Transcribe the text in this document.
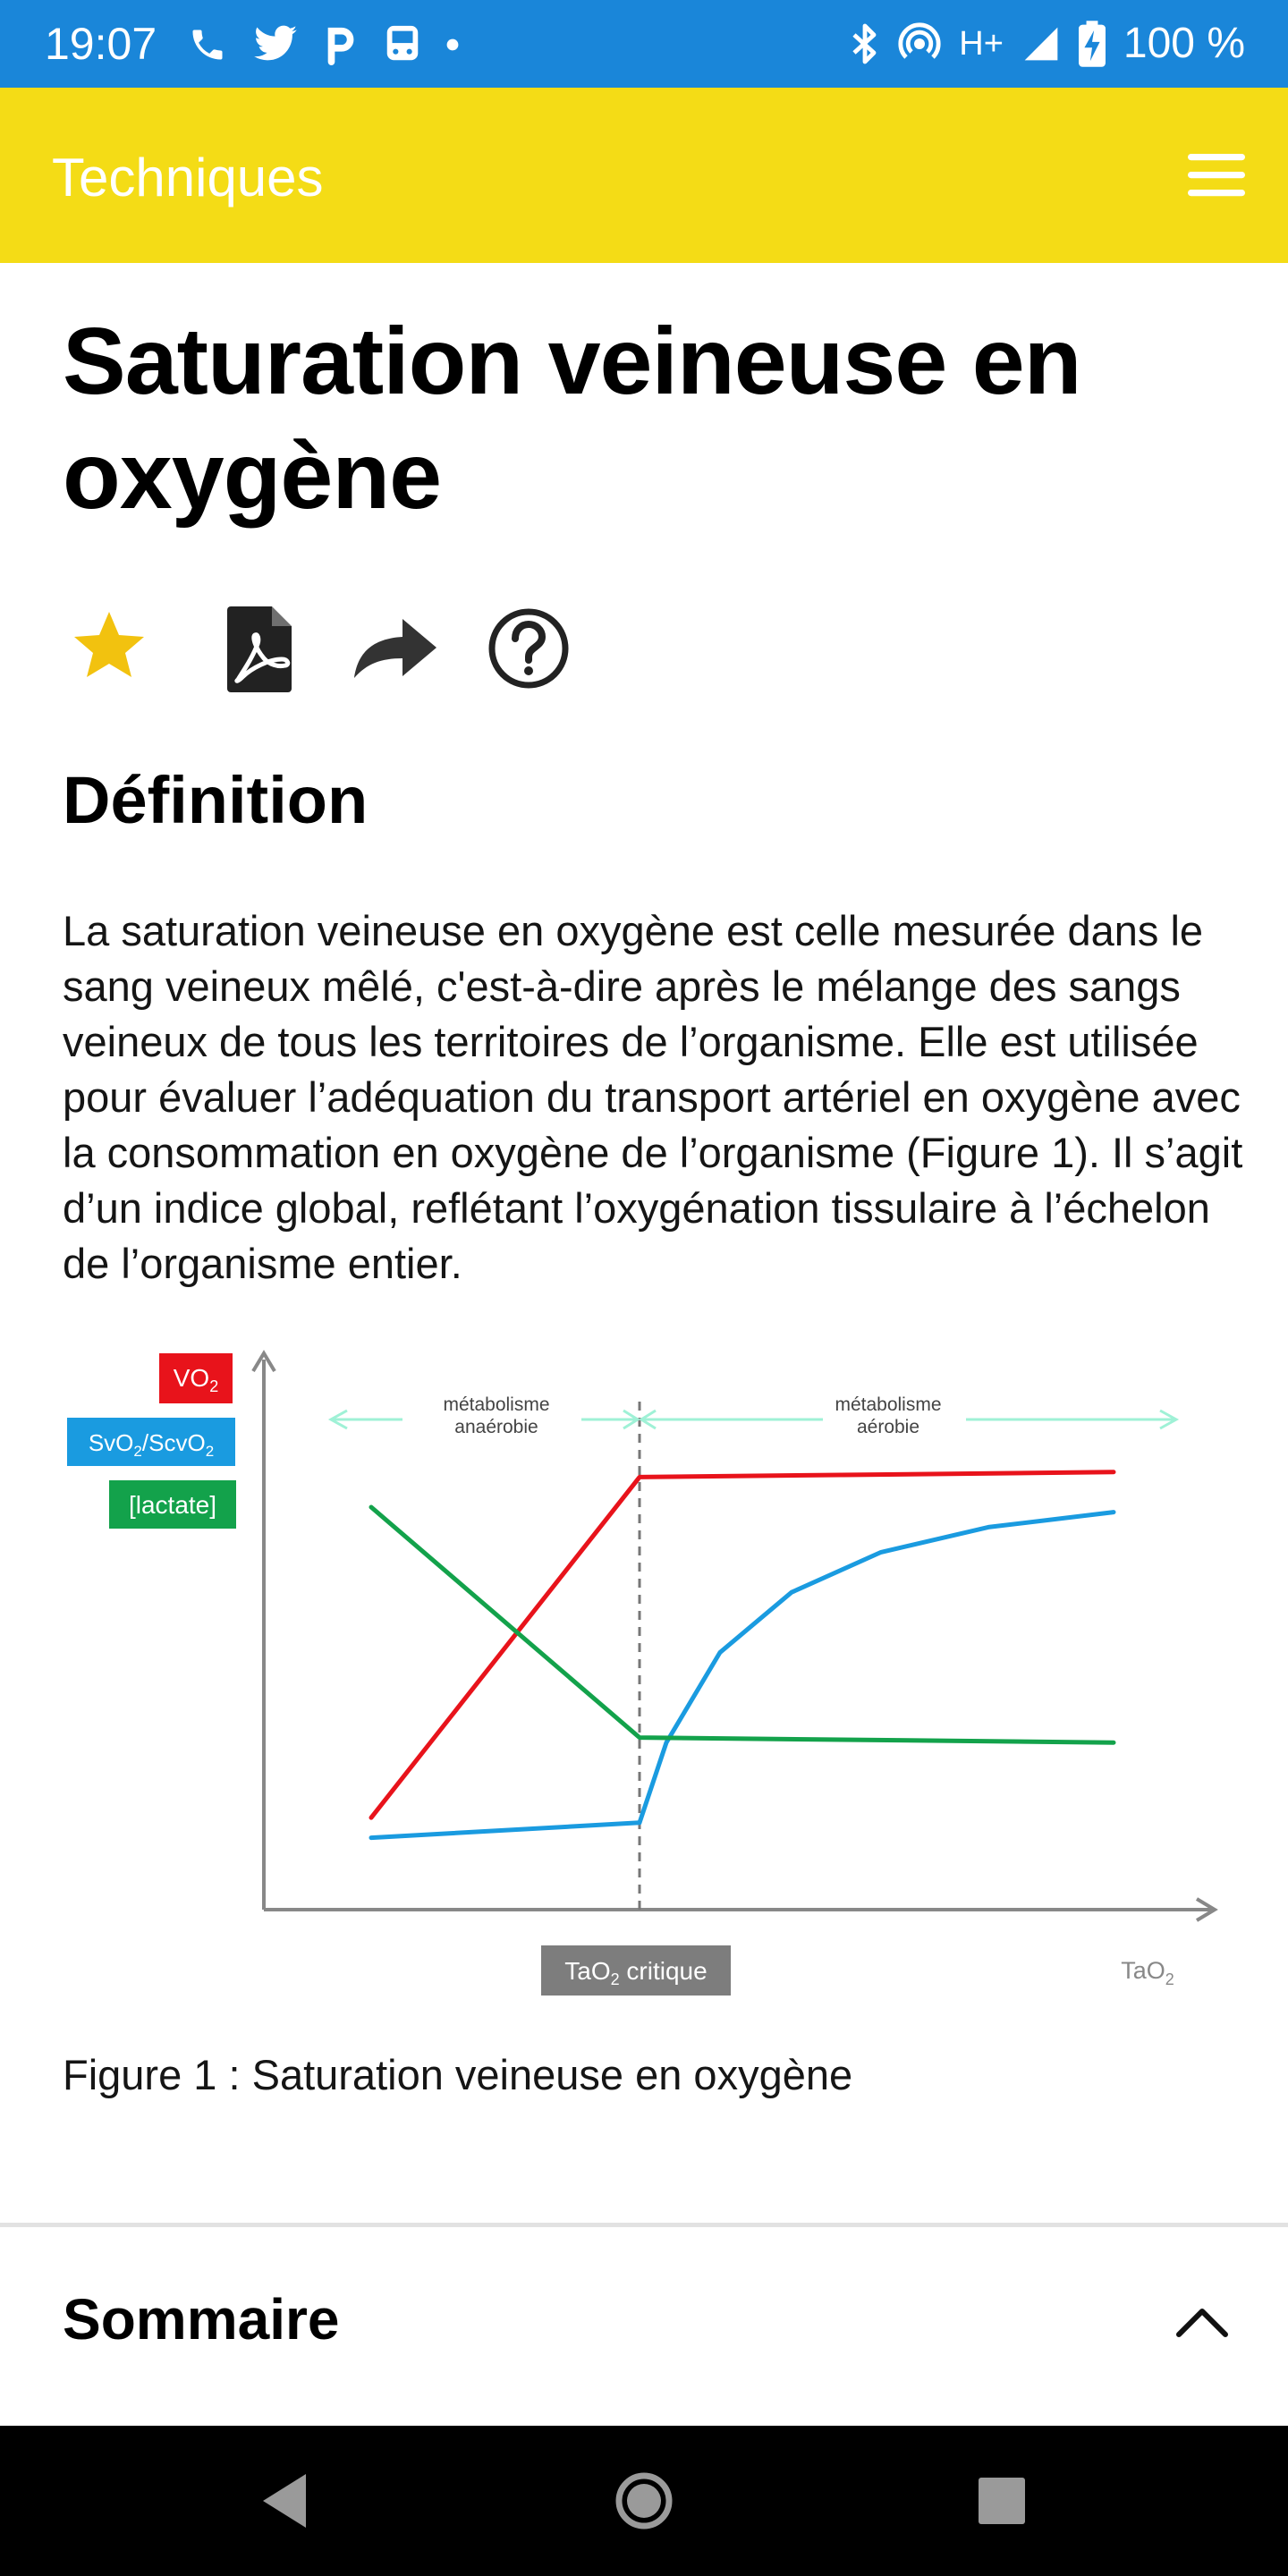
19:07	H+	100 %
Techniques
Saturation veineuse en oxygène
Définition
La saturation veineuse en oxygène est celle mesurée dans le sang veineux mêlé, c'est-à-dire après le mélange des sangs veineux de tous les territoires de l’organisme. Elle est utilisée pour évaluer l’adéquation du transport artériel en oxygène avec la consommation en oxygène de l’organisme (Figure 1). Il s’agit d’un indice global, reflétant l’oxygénation tissulaire à l’échelon de l’organisme entier.
métabolisme
anaérobie
métabolisme
aérobie
$VO_2$
SvO$_2$/ScvO$_2$
[lactate]
TaO$_2$ critique	TaO$_2$
Figure 1 : Saturation veineuse en oxygène
Sommaire
